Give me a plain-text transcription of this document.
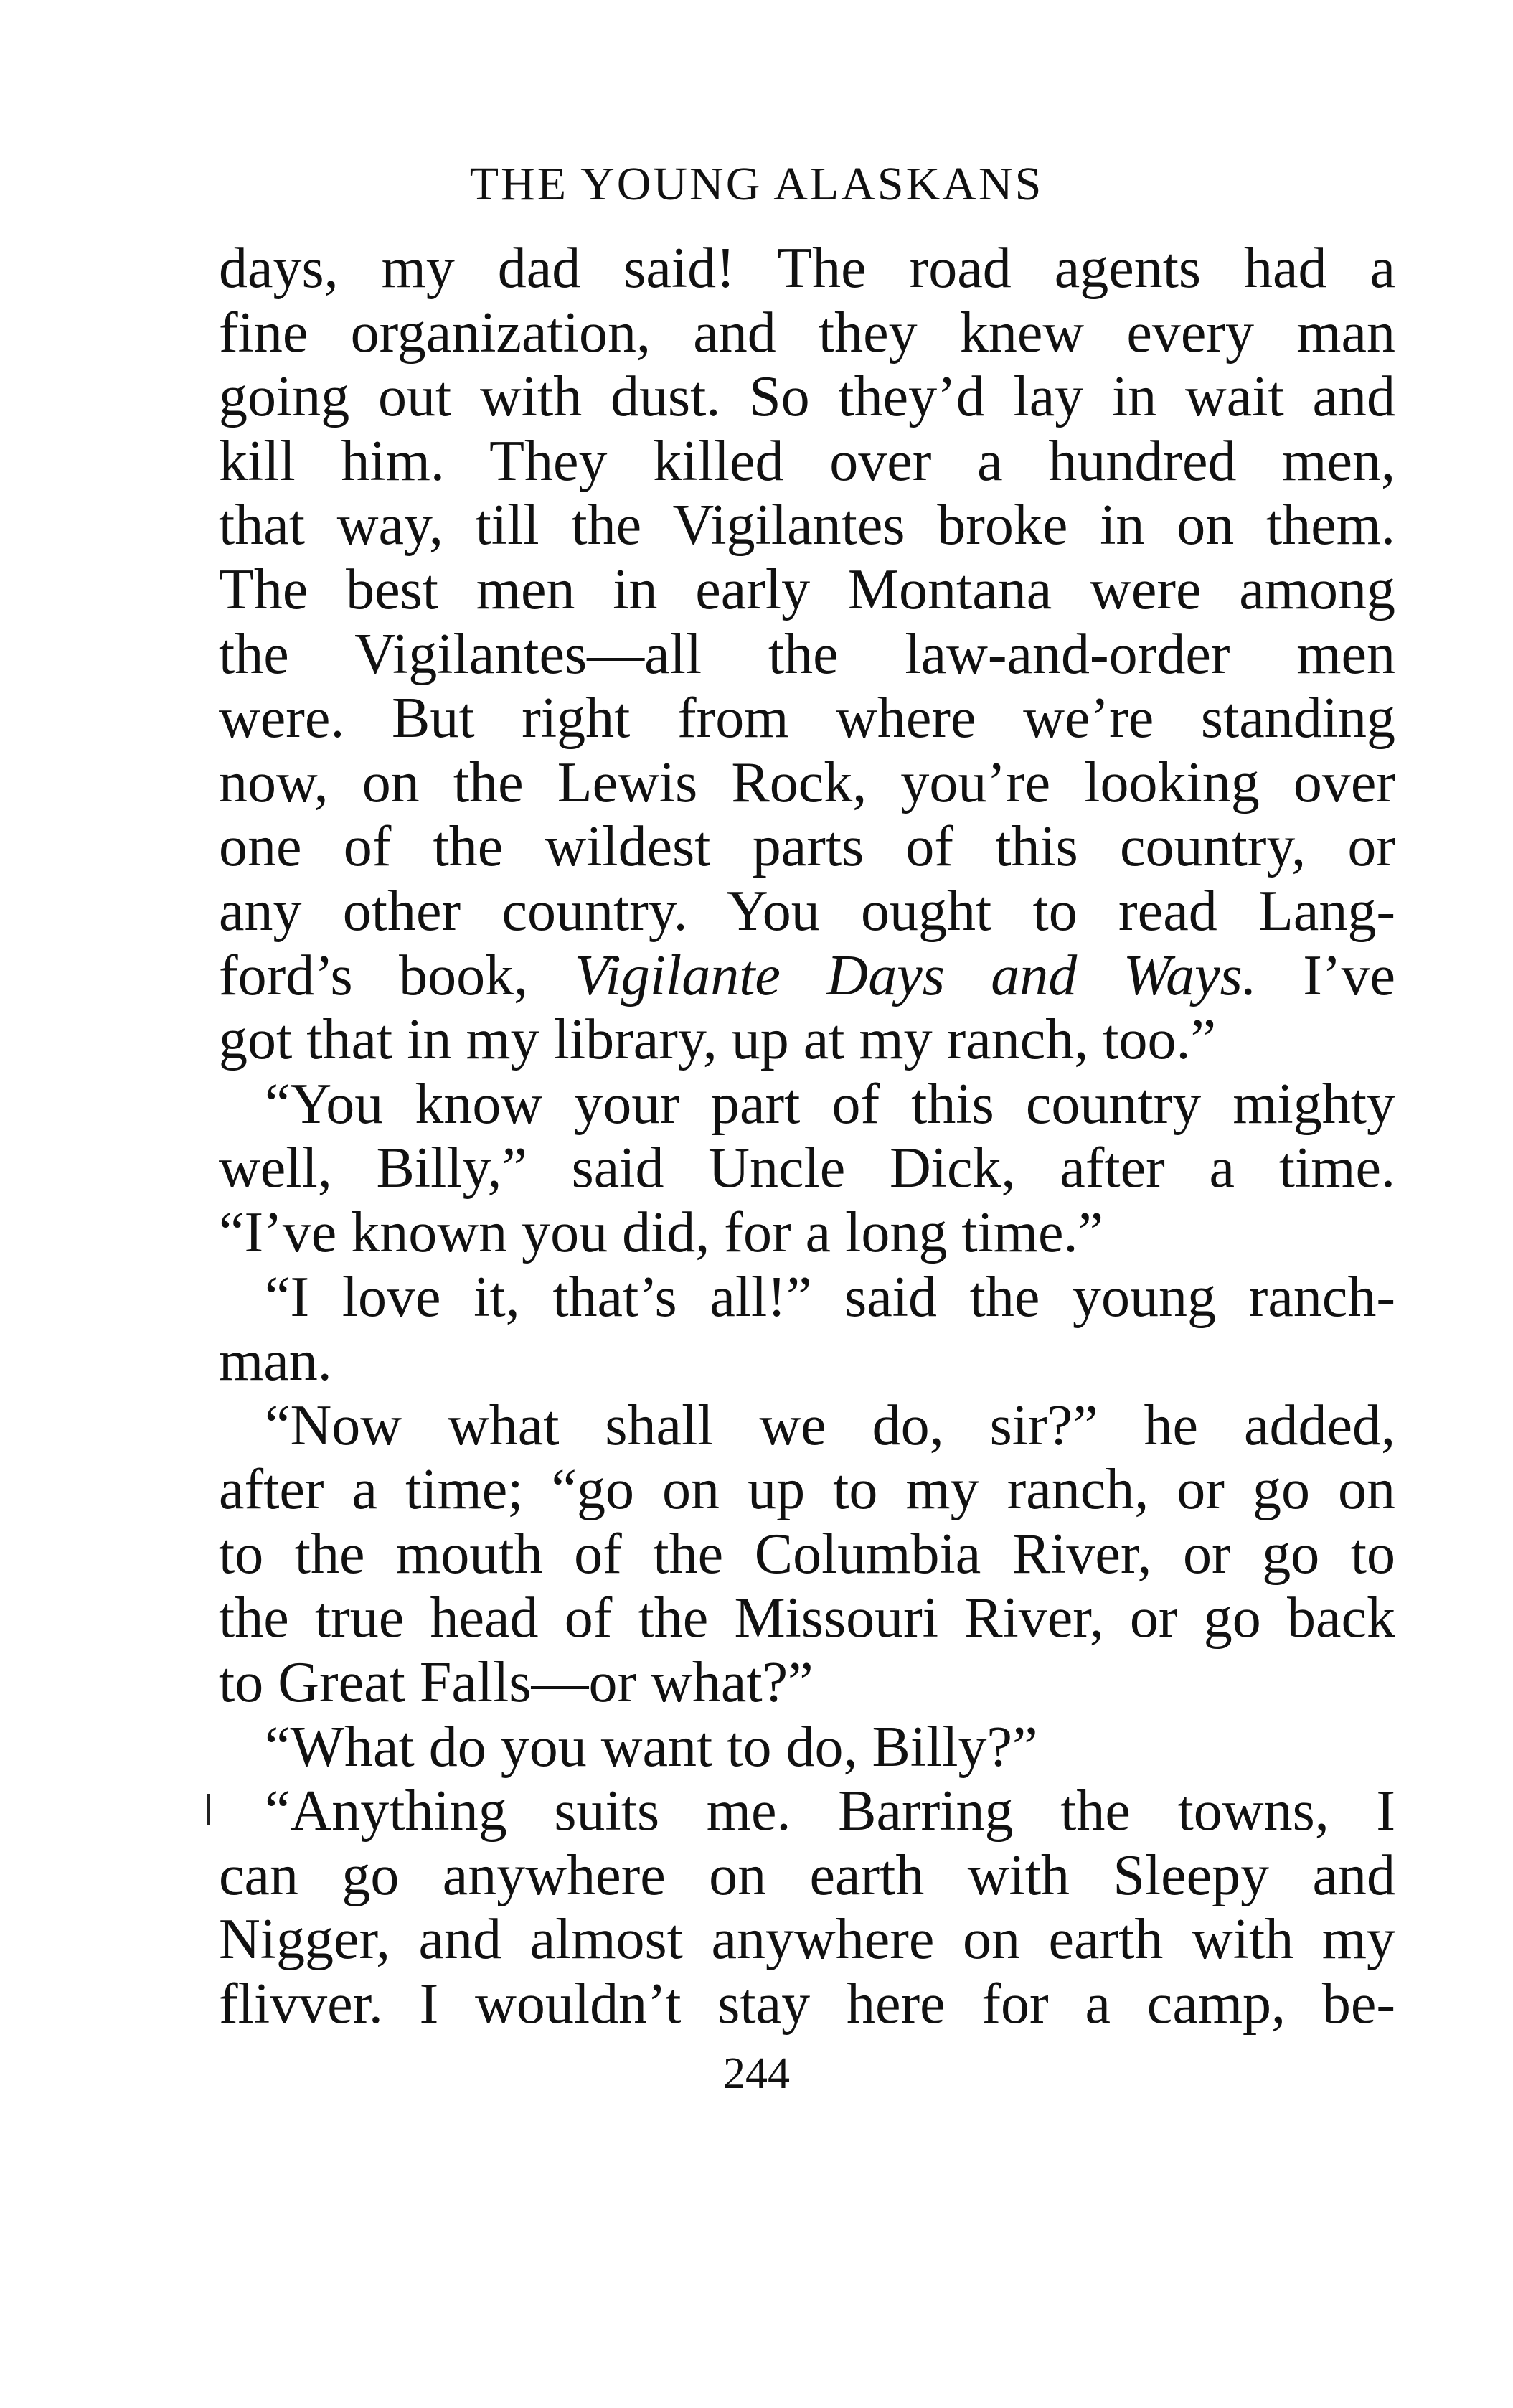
THE YOUNG ALASKANS
days, my dad said! The road agents had a
fine organization, and they knew every man
going out with dust. So they’d lay in wait and
kill him. They killed over a hundred men,
that way, till the Vigilantes broke in on them.
The best men in early Montana were among
the Vigilantes—all the law-and-order men
were. But right from where we’re standing
now, on the Lewis Rock, you’re looking over
one of the wildest parts of this country, or
any other country. You ought to read Lang-
ford’s book, Vigilante Days and Ways. I’ve
got that in my library, up at my ranch, too.”
“You know your part of this country mighty
well, Billy,” said Uncle Dick, after a time.
“I’ve known you did, for a long time.”
“I love it, that’s all!” said the young ranch-
man.
“Now what shall we do, sir?” he added,
after a time; “go on up to my ranch, or go on
to the mouth of the Columbia River, or go to
the true head of the Missouri River, or go back
to Great Falls—or what?”
“What do you want to do, Billy?”
“Anything suits me. Barring the towns, I
can go anywhere on earth with Sleepy and
Nigger, and almost anywhere on earth with my
flivver. I wouldn’t stay here for a camp, be-
244
